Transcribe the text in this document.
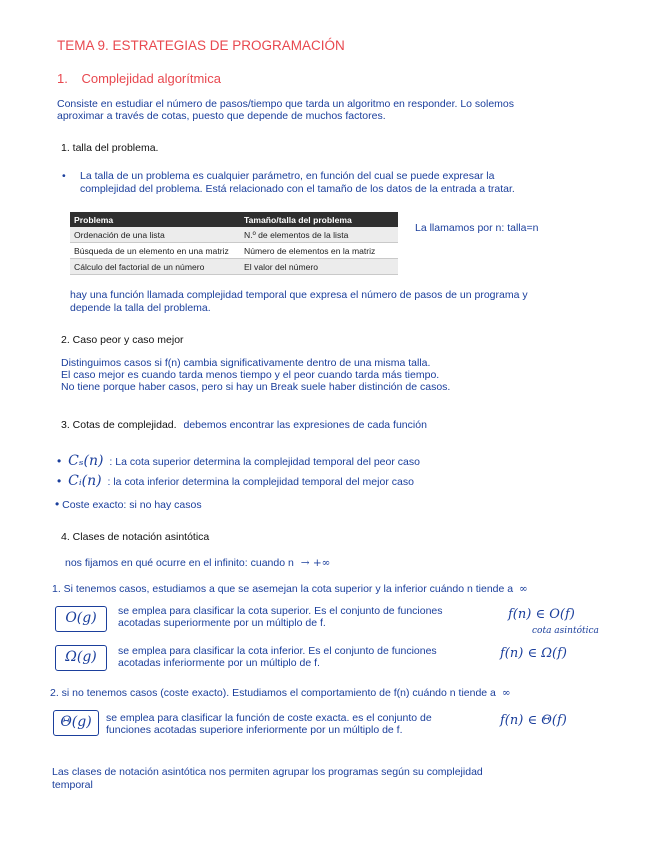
TEMA 9. ESTRATEGIAS DE PROGRAMACIÓN
1. Complejidad algorítmica
Consiste en estudiar el número de pasos/tiempo que tarda un algoritmo en responder. Lo solemos
aproximar a través de cotas, puesto que depende de muchos factores.
1. talla del problema.
• La talla de un problema es cualquier parámetro, en función del cual se puede expresar la
complejidad del problema. Está relacionado con el tamaño de los datos de la entrada a tratar.
Problema	Tamaño/talla del problema
Ordenación de una lista	N.º de elementos de la lista
Búsqueda de un elemento en una matriz	Número de elementos en la matriz
Cálculo del factorial de un número	El valor del número
La llamamos por n: talla=n
hay una función llamada complejidad temporal que expresa el número de pasos de un programa y
depende la talla del problema.
2. Caso peor y caso mejor
Distinguimos casos si f(n) cambia significativamente dentro de una misma talla.
El caso mejor es cuando tarda menos tiempo y el peor cuando tarda más tiempo.
No tiene porque haber casos, pero si hay un Break suele haber distinción de casos.
3. Cotas de complejidad. debemos encontrar las expresiones de cada función
• Cₛ(n) : La cota superior determina la complejidad temporal del peor caso
• Cᵢ(n) : la cota inferior determina la complejidad temporal del mejor caso
• Coste exacto: si no hay casos
4. Clases de notación asintótica
nos fijamos en qué ocurre en el infinito: cuando n → +∞
1. Si tenemos casos, estudiamos a que se asemejan la cota superior y la inferior cuándo n tiende a ∞
O(g)	se emplea para clasificar la cota superior. Es el conjunto de funciones
acotadas superiormente por un múltiplo de f.
f(n) ∈ O(f)
cota asintótica
Ω(g)	se emplea para clasificar la cota inferior. Es el conjunto de funciones
acotadas inferiormente por un múltiplo de f.
f(n) ∈ Ω(f)
2. si no tenemos casos (coste exacto). Estudiamos el comportamiento de f(n) cuándo n tiende a ∞
Θ(g)	se emplea para clasificar la función de coste exacta. es el conjunto de
funciones acotadas superiore inferiormente por un múltiplo de f.
f(n) ∈ Θ(f)
Las clases de notación asintótica nos permiten agrupar los programas según su complejidad
temporal
